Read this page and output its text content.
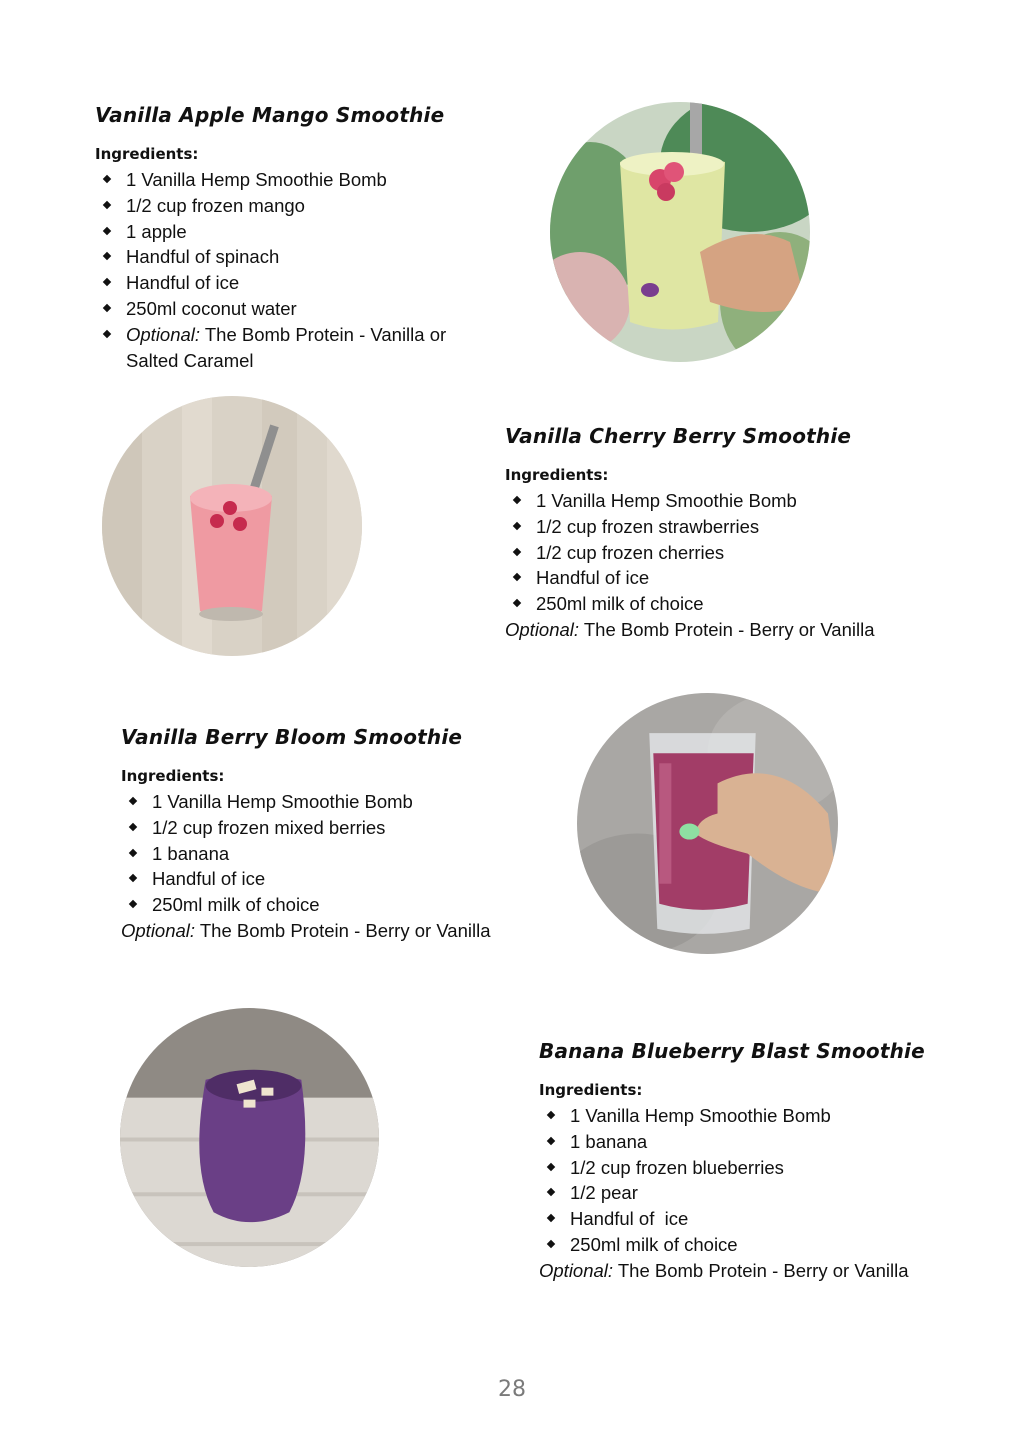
Vanilla Apple Mango Smoothie
Ingredients:
1 Vanilla Hemp Smoothie Bomb
1/2 cup frozen mango
1 apple
Handful of spinach
Handful of ice
250ml coconut water
Optional: The Bomb Protein - Vanilla or Salted Caramel
Vanilla Cherry Berry Smoothie
Ingredients:
1 Vanilla Hemp Smoothie Bomb
1/2 cup frozen strawberries
1/2 cup frozen cherries
Handful of ice
250ml milk of choice
Optional: The Bomb Protein - Berry or Vanilla
Vanilla Berry Bloom Smoothie
Ingredients:
1 Vanilla Hemp Smoothie Bomb
1/2 cup frozen mixed berries
1 banana
Handful of ice
250ml milk of choice
Optional: The Bomb Protein - Berry or Vanilla
Banana Blueberry Blast Smoothie
Ingredients:
1 Vanilla Hemp Smoothie Bomb
1 banana
1/2 cup frozen blueberries
1/2 pear
Handful of  ice
250ml milk of choice
Optional: The Bomb Protein - Berry or Vanilla
28
